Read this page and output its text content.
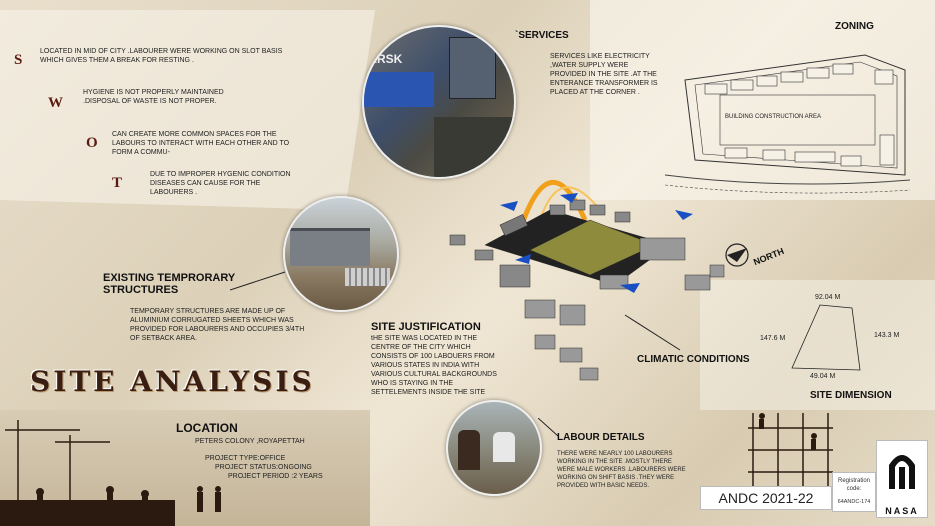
S
LOCATED IN MID OF CITY .LABOURER WERE WORKING ON SLOT BASIS WHICH GIVES THEM A BREAK FOR RESTING .
W
HYGIENE IS NOT PROPERLY MAINTAINED .DISPOSAL OF WASTE IS NOT PROPER.
O
CAN CREATE MORE COMMON SPACES FOR THE LABOURS TO INTERACT WITH EACH OTHER AND TO FORM A COMMU-
T
DUE TO IMPROPER HYGENIC CONDITION DISEASES CAN CAUSE FOR THE LABOURERS .
ERSK
`SERVICES
SERVICES LIKE ELECTRICITY ,WATER SUPPLY WERE PROVIDED IN THE SITE .AT THE ENTERANCE TRANSFORMER IS PLACED AT THE CORNER .
ZONING
BUILDING CONSTRUCTION AREA
EXISTING TEMPRORARY STRUCTURES
TEMPORARY STRUCTURES ARE MADE UP OF ALUMINIUM CORRUGATED SHEETS WHICH WAS PROVIDED FOR LABOURERS AND OCCUPIES 3/4TH OF SETBACK AREA.
NORTH
SITE JUSTIFICATION
tHE SITE WAS LOCATED IN THE CENTRE OF THE CITY WHICH CONSISTS OF 100 LABOUERS FROM VARIOUS STATES IN INDIA WITH VARIOUS CULTURAL BACKGROUNDS WHO IS STAYING IN THE SETTELEMENTS INSIDE THE SITE
CLIMATIC CONDITIONS
92.04 M
147.6 M	143.3 M
49.04 M
SITE DIMENSION
SITE ANALYSIS
LOCATION
PETERS COLONY ,ROYAPETTAH
PROJECT TYPE:OFFICE
PROJECT STATUS:ONGOING
PROJECT PERIOD :2 YEARS
LABOUR DETAILS
THERE WERE NEARLY 100 LABOURERS WORKING IN THE SITE .MOSTLY THERE WERE MALE WORKERS .LABOURERS WERE WORKING ON SHIFT BASIS .THEY WERE PROVIDED WITH BASIC NEEDS.
ANDC 2021-22
Registration code:
64ANDC-174
NASA
